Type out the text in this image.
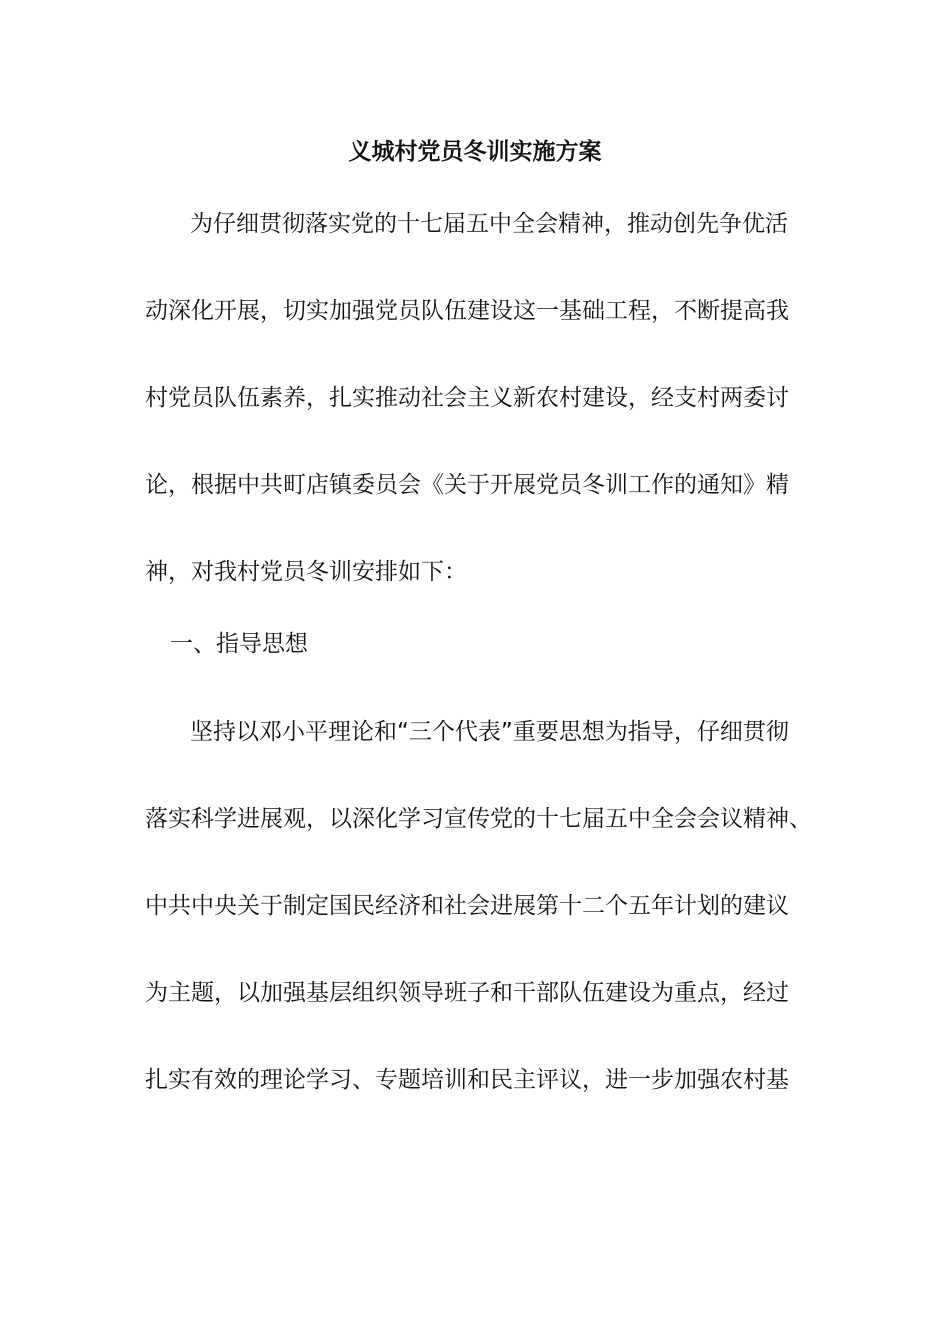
义城村党员冬训实施方案
为仔细贯彻落实党的十七届五中全会精神，推动创先争优活
动深化开展，切实加强党员队伍建设这一基础工程，不断提高我
村党员队伍素养，扎实推动社会主义新农村建设，经支村两委讨
论，根据中共町店镇委员会《关于开展党员冬训工作的通知》精
神，对我村党员冬训安排如下：
一、指导思想
坚持以邓小平理论和“三个代表”重要思想为指导，仔细贯彻
落实科学进展观，以深化学习宣传党的十七届五中全会会议精神、
中共中央关于制定国民经济和社会进展第十二个五年计划的建议
为主题，以加强基层组织领导班子和干部队伍建设为重点，经过
扎实有效的理论学习、专题培训和民主评议，进一步加强农村基
